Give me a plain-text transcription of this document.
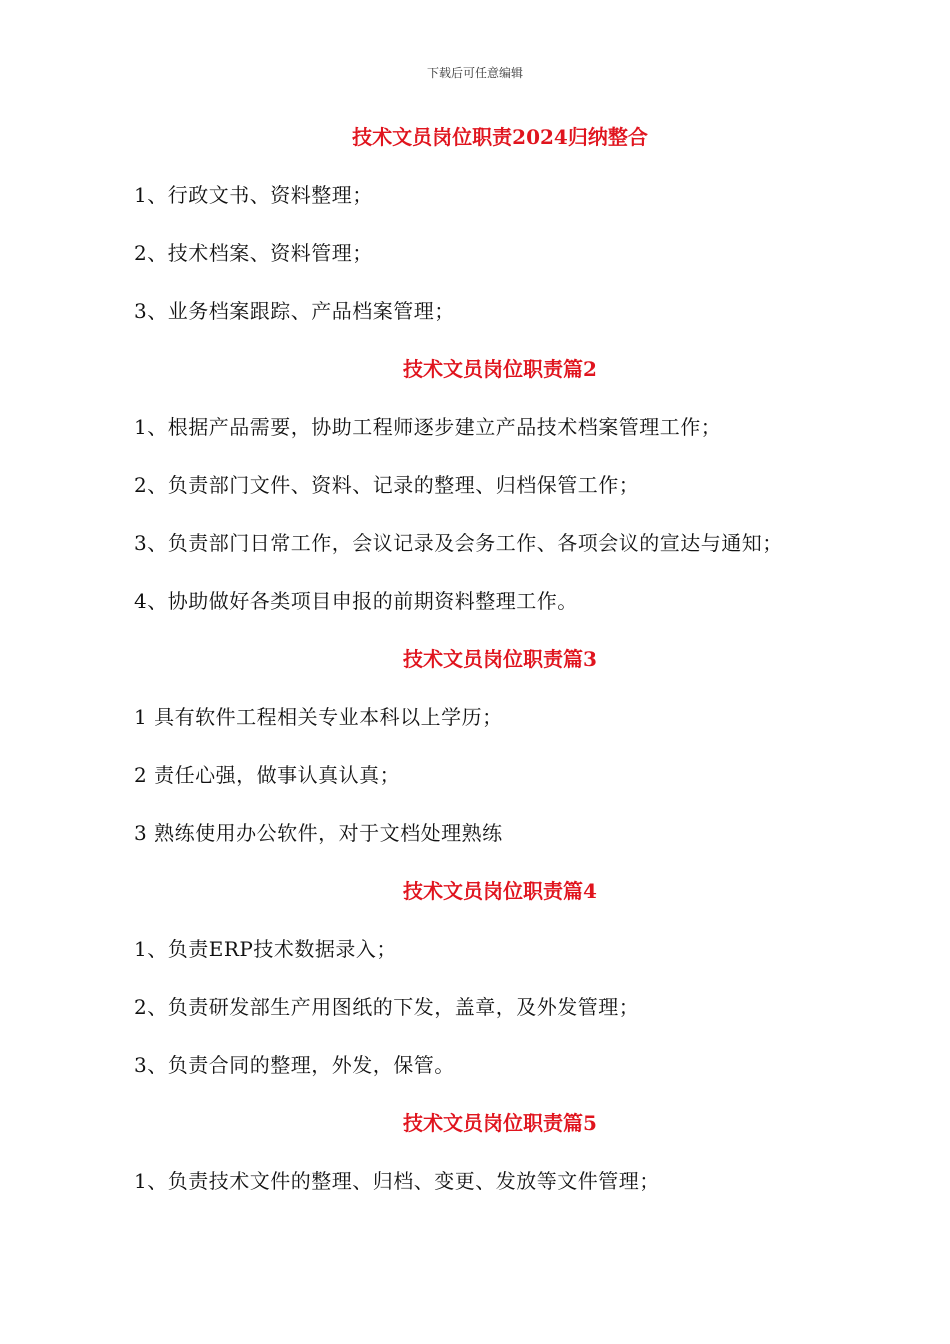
下载后可任意编辑
技术文员岗位职责2024归纳整合
1、行政文书、资料整理；
2、技术档案、资料管理；
3、业务档案跟踪、产品档案管理；
技术文员岗位职责篇2
1、根据产品需要，协助工程师逐步建立产品技术档案管理工作；
2、负责部门文件、资料、记录的整理、归档保管工作；
3、负责部门日常工作，会议记录及会务工作、各项会议的宣达与通知；
4、协助做好各类项目申报的前期资料整理工作。
技术文员岗位职责篇3
1 具有软件工程相关专业本科以上学历；
2 责任心强，做事认真认真；
3 熟练使用办公软件，对于文档处理熟练
技术文员岗位职责篇4
1、负责ERP技术数据录入；
2、负责研发部生产用图纸的下发，盖章，及外发管理；
3、负责合同的整理，外发，保管。
技术文员岗位职责篇5
1、负责技术文件的整理、归档、变更、发放等文件管理；
